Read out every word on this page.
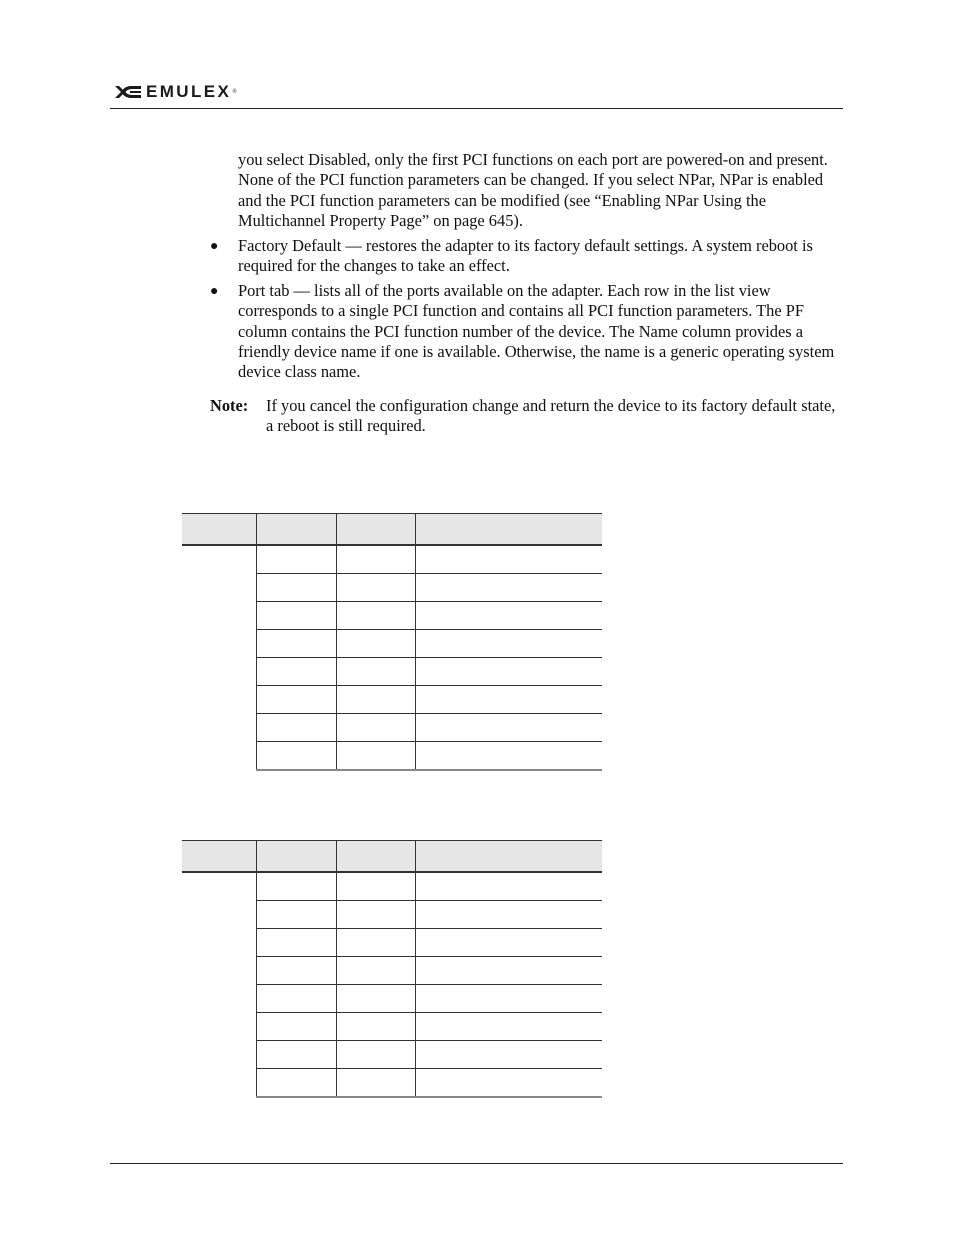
EMULEX ®
you select Disabled, only the first PCI functions on each port are powered-on and present. None of the PCI function parameters can be changed. If you select NPar, NPar is enabled and the PCI function parameters can be modified (see “Enabling NPar Using the Multichannel Property Page” on page 645).
● Factory Default — restores the adapter to its factory default settings. A system reboot is required for the changes to take an effect.
● Port tab — lists all of the ports available on the adapter. Each row in the list view corresponds to a single PCI function and contains all PCI function parameters. The PF column contains the PCI function number of the device. The Name column provides a friendly device name if one is available. Otherwise, the name is a generic operating system device class name.
Note: If you cancel the configuration change and return the device to its factory default state, a reboot is still required.
